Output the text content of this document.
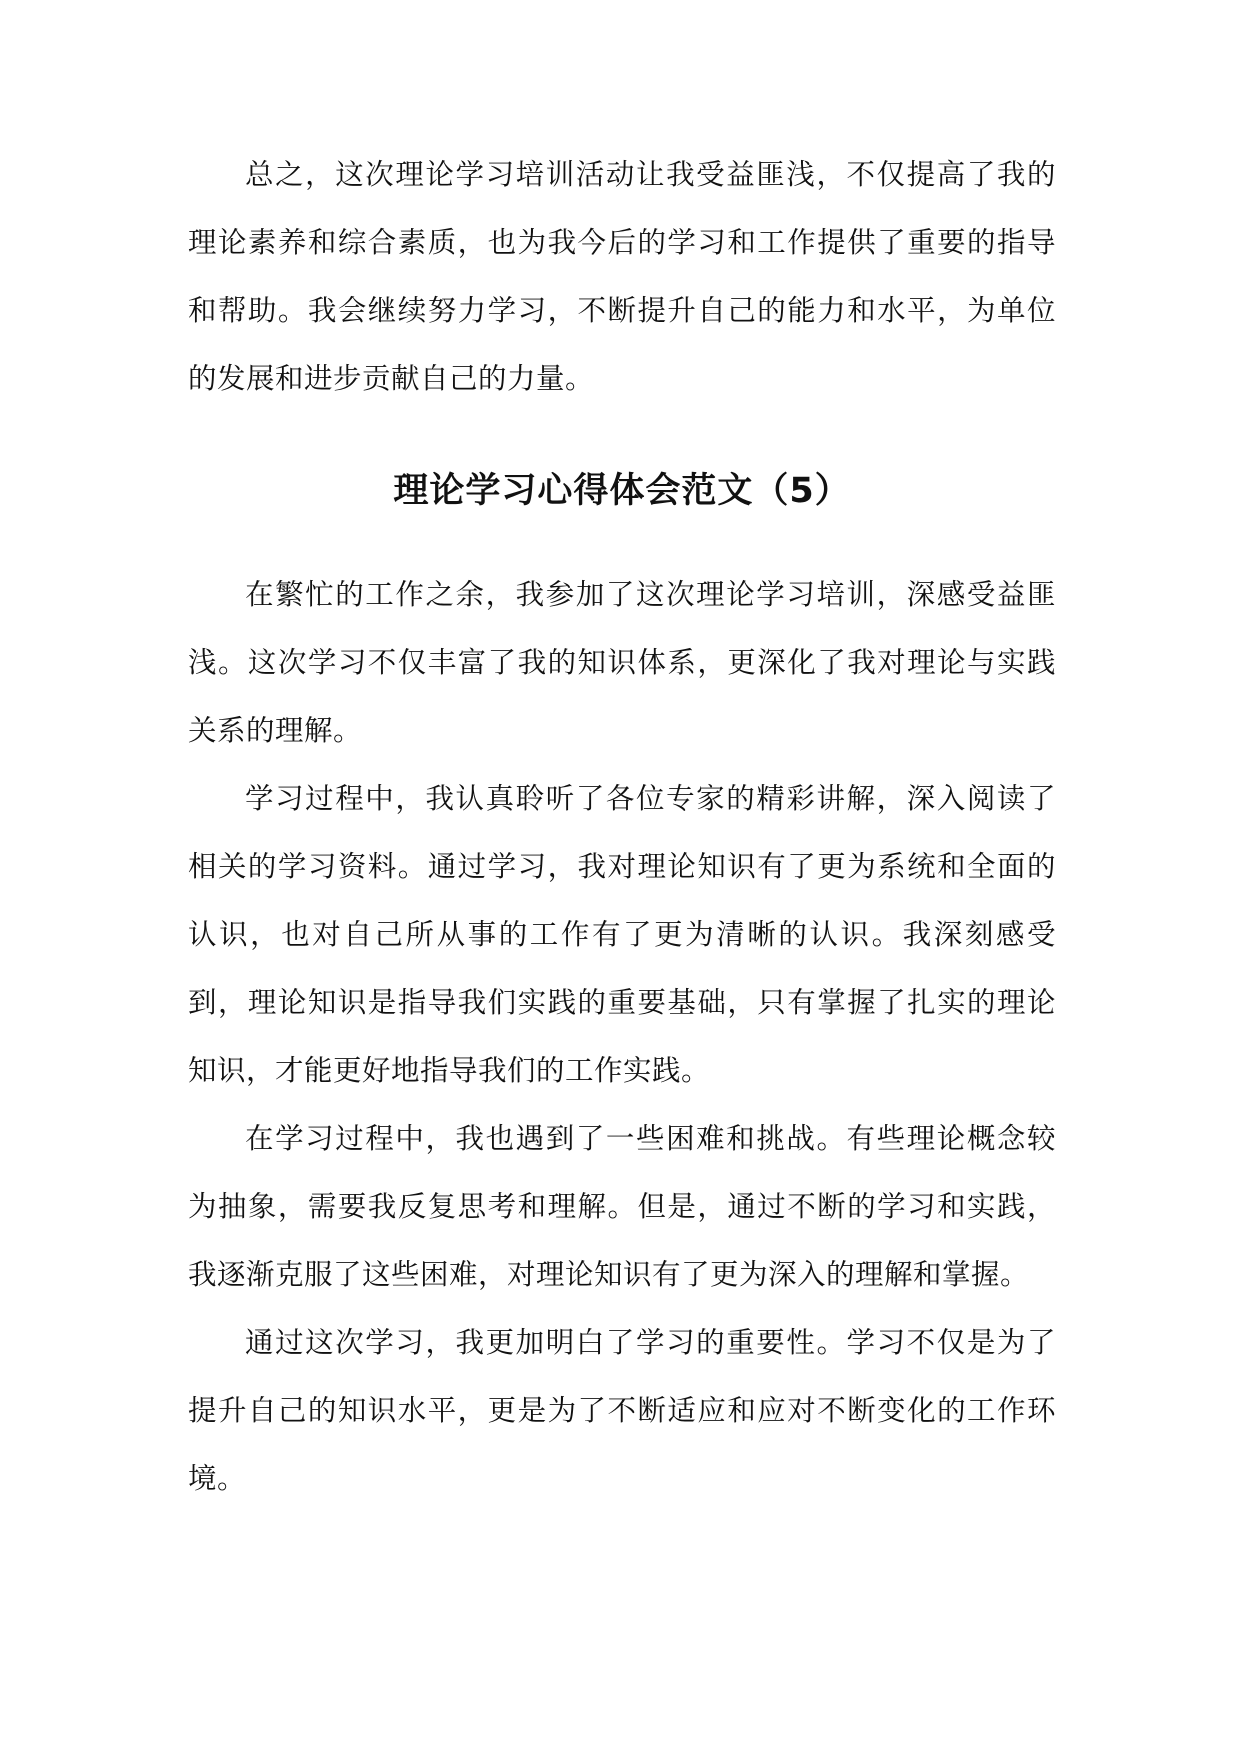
总之，这次理论学习培训活动让我受益匪浅，不仅提高了我的理论素养和综合素质，也为我今后的学习和工作提供了重要的指导和帮助。我会继续努力学习，不断提升自己的能力和水平，为单位的发展和进步贡献自己的力量。

理论学习心得体会范文（5）

在繁忙的工作之余，我参加了这次理论学习培训，深感受益匪浅。这次学习不仅丰富了我的知识体系，更深化了我对理论与实践关系的理解。

学习过程中，我认真聆听了各位专家的精彩讲解，深入阅读了相关的学习资料。通过学习，我对理论知识有了更为系统和全面的认识，也对自己所从事的工作有了更为清晰的认识。我深刻感受到，理论知识是指导我们实践的重要基础，只有掌握了扎实的理论知识，才能更好地指导我们的工作实践。

在学习过程中，我也遇到了一些困难和挑战。有些理论概念较为抽象，需要我反复思考和理解。但是，通过不断的学习和实践，我逐渐克服了这些困难，对理论知识有了更为深入的理解和掌握。

通过这次学习，我更加明白了学习的重要性。学习不仅是为了提升自己的知识水平，更是为了不断适应和应对不断变化的工作环境。
